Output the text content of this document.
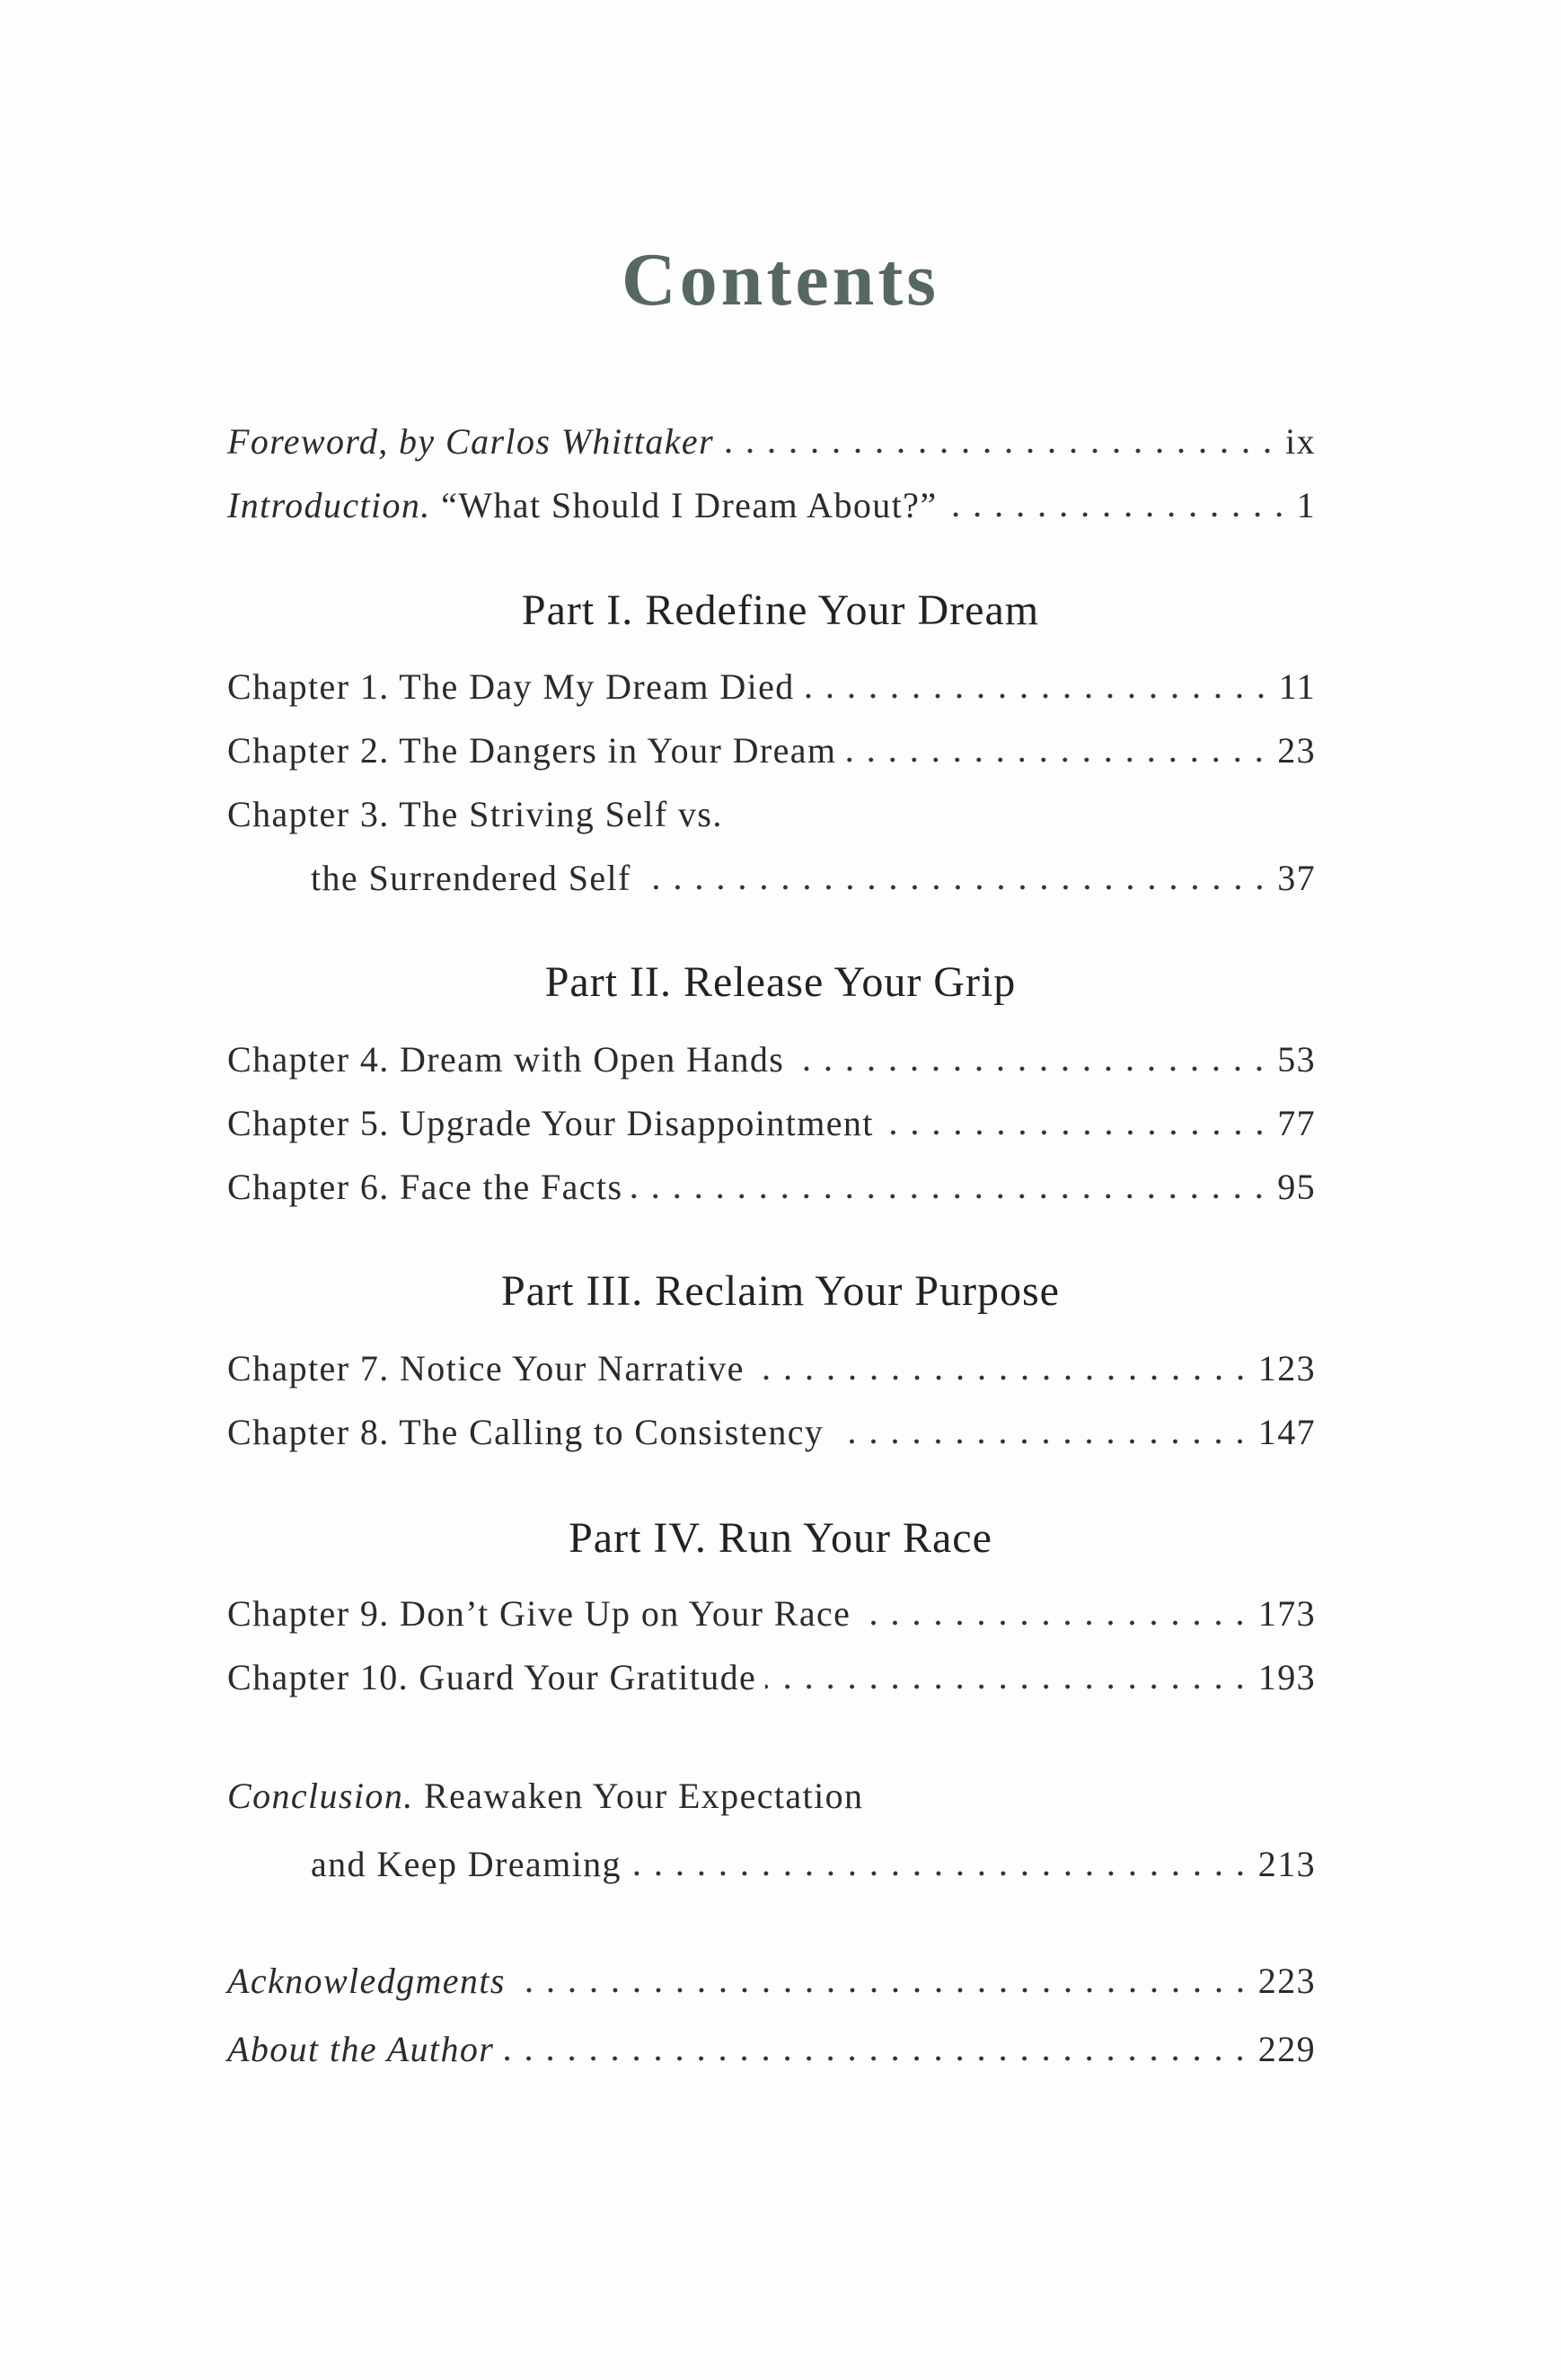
Contents
Foreword, by Carlos Whittaker	ix
Introduction. “What Should I Dream About?”	1
Part I. Redefine Your Dream
Chapter 1. The Day My Dream Died	11
Chapter 2. The Dangers in Your Dream	23
Chapter 3. The Striving Self vs.
the Surrendered Self	37
Part II. Release Your Grip
Chapter 4. Dream with Open Hands	53
Chapter 5. Upgrade Your Disappointment	77
Chapter 6. Face the Facts	95
Part III. Reclaim Your Purpose
Chapter 7. Notice Your Narrative	123
Chapter 8. The Calling to Consistency	147
Part IV. Run Your Race
Chapter 9. Don’t Give Up on Your Race	173
Chapter 10. Guard Your Gratitude	193
Conclusion. Reawaken Your Expectation
and Keep Dreaming	213
Acknowledgments	223
About the Author	229
